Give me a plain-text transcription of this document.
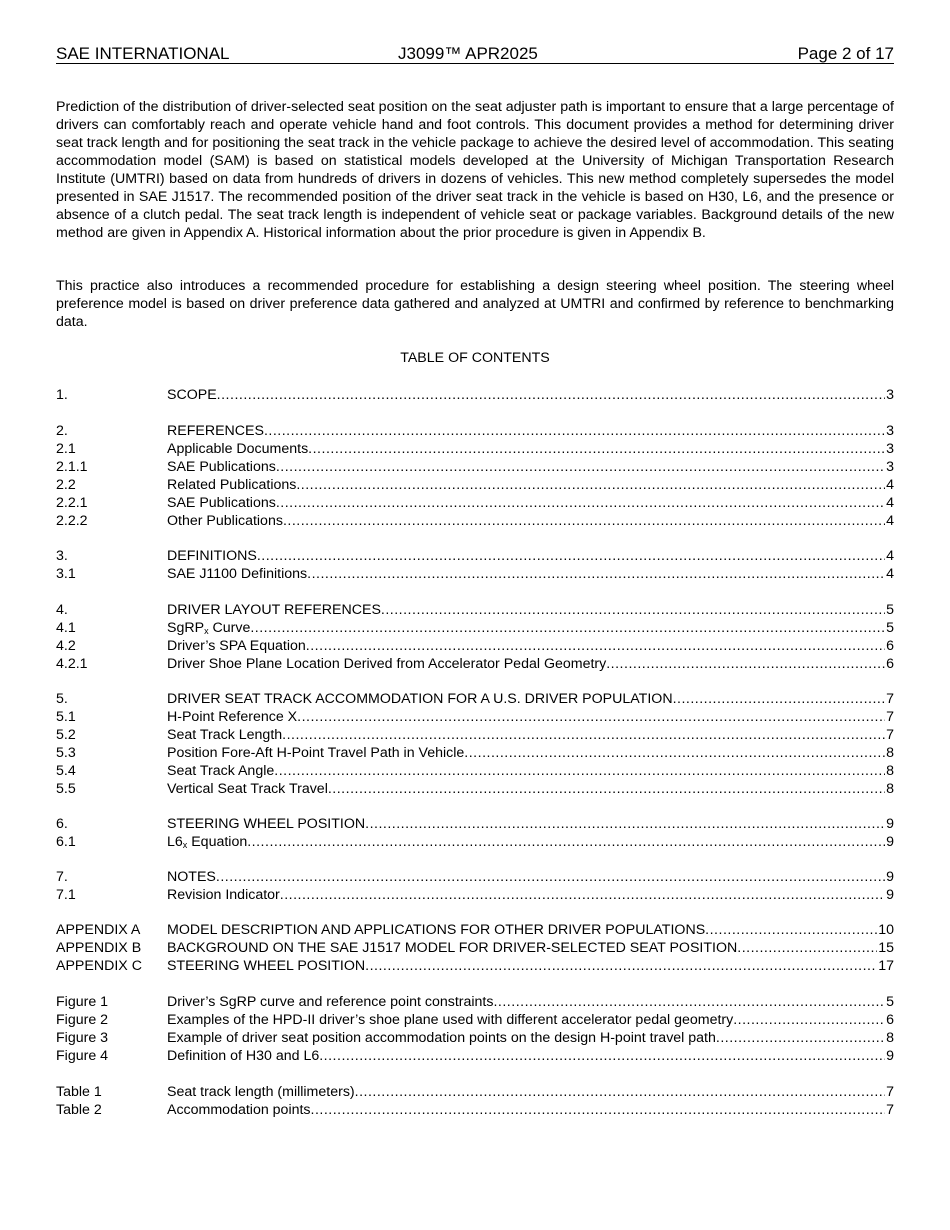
SAE INTERNATIONAL	J3099™ APR2025	Page 2 of 17

Prediction of the distribution of driver-selected seat position on the seat adjuster path is important to ensure that a large percentage of drivers can comfortably reach and operate vehicle hand and foot controls. This document provides a method for determining driver seat track length and for positioning the seat track in the vehicle package to achieve the desired level of accommodation. This seating accommodation model (SAM) is based on statistical models developed at the University of Michigan Transportation Research Institute (UMTRI) based on data from hundreds of drivers in dozens of vehicles. This new method completely supersedes the model presented in SAE J1517. The recommended position of the driver seat track in the vehicle is based on H30, L6, and the presence or absence of a clutch pedal. The seat track length is independent of vehicle seat or package variables. Background details of the new method are given in Appendix A. Historical information about the prior procedure is given in Appendix B.

This practice also introduces a recommended procedure for establishing a design steering wheel position. The steering wheel preference model is based on driver preference data gathered and analyzed at UMTRI and confirmed by reference to benchmarking data.

TABLE OF CONTENTS
1.	SCOPE .....	3
2.	REFERENCES .....	3
2.1	Applicable Documents .....	3
2.1.1	SAE Publications .....	3
2.2	Related Publications .....	4
2.2.1	SAE Publications .....	4
2.2.2	Other Publications .....	4
3.	DEFINITIONS .....	4
3.1	SAE J1100 Definitions .....	4
4.	DRIVER LAYOUT REFERENCES .....	5
4.1	SgRP$_x$ Curve .....	5
4.2	Driver’s SPA Equation .....	6
4.2.1	Driver Shoe Plane Location Derived from Accelerator Pedal Geometry .....	6
5.	DRIVER SEAT TRACK ACCOMMODATION FOR A U.S. DRIVER POPULATION .....	7
5.1	H-Point Reference X .....	7
5.2	Seat Track Length .....	7
5.3	Position Fore-Aft H-Point Travel Path in Vehicle .....	8
5.4	Seat Track Angle .....	8
5.5	Vertical Seat Track Travel .....	8
6.	STEERING WHEEL POSITION .....	9
6.1	$L6_x$ Equation .....	9
7.	NOTES .....	9
7.1	Revision Indicator .....	9
APPENDIX A MODEL DESCRIPTION AND APPLICATIONS FOR OTHER DRIVER POPULATIONS .....	10
APPENDIX B BACKGROUND ON THE SAE J1517 MODEL FOR DRIVER-SELECTED SEAT POSITION .....	15
APPENDIX C STEERING WHEEL POSITION .....	17
Figure 1	Driver’s SgRP curve and reference point constraints .....	5
Figure 2	Examples of the HPD-II driver’s shoe plane used with different accelerator pedal geometry .....	6
Figure 3	Example of driver seat position accommodation points on the design H-point travel path .....	8
Figure 4	Definition of H30 and L6 .....	9
Table 1	Seat track length (millimeters) .....	7
Table 2	Accommodation points .....	7
